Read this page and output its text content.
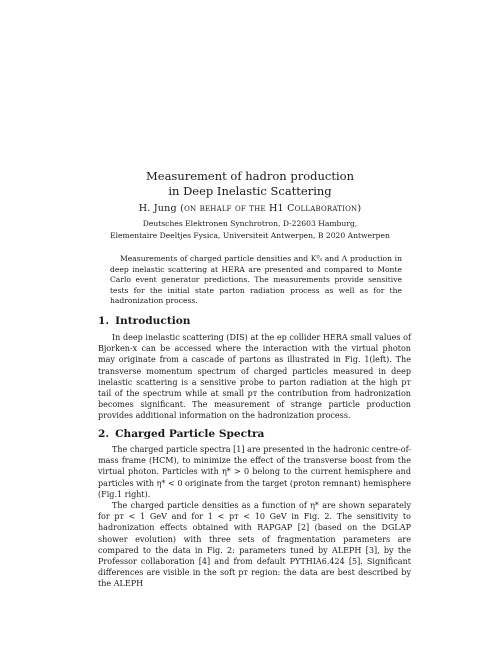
Measurement of hadron production
in Deep Inelastic Scattering
H. Jung (on behalf of the H1 Collaboration)
Deutsches Elektronen Synchrotron, D-22603 Hamburg,
Elementaire Deeltjes Fysica, Universiteit Antwerpen, B 2020 Antwerpen

Measurements of charged particle densities and K⁰ₛ and Λ production in deep inelastic scattering at HERA are presented and compared to Monte Carlo event generator predictions. The measurements provide sensitive tests for the initial state parton radiation process as well as for the hadronization process.

1. Introduction

In deep inelastic scattering (DIS) at the ep collider HERA small values of Bjorken-x can be accessed where the interaction with the virtual photon may originate from a cascade of partons as illustrated in Fig. 1(left). The transverse momentum spectrum of charged particles measured in deep inelastic scattering is a sensitive probe to parton radiation at the high pᴛ tail of the spectrum while at small pᴛ the contribution from hadronization becomes significant. The measurement of strange particle production provides additional information on the hadronization process.

2. Charged Particle Spectra

The charged particle spectra [1] are presented in the hadronic centre-of-mass frame (HCM), to minimize the effect of the transverse boost from the virtual photon. Particles with η* > 0 belong to the current hemisphere and particles with η* < 0 originate from the target (proton remnant) hemisphere (Fig.1 right).

The charged particle densities as a function of η* are shown separately for pᴛ < 1 GeV and for 1 < pᴛ < 10 GeV in Fig. 2. The sensitivity to hadronization effects obtained with RAPGAP [2] (based on the DGLAP shower evolution) with three sets of fragmentation parameters are compared to the data in Fig. 2: parameters tuned by ALEPH [3], by the Professor collaboration [4] and from default PYTHIA6.424 [5]. Significant differences are visible in the soft pᴛ region: the data are best described by the ALEPH
